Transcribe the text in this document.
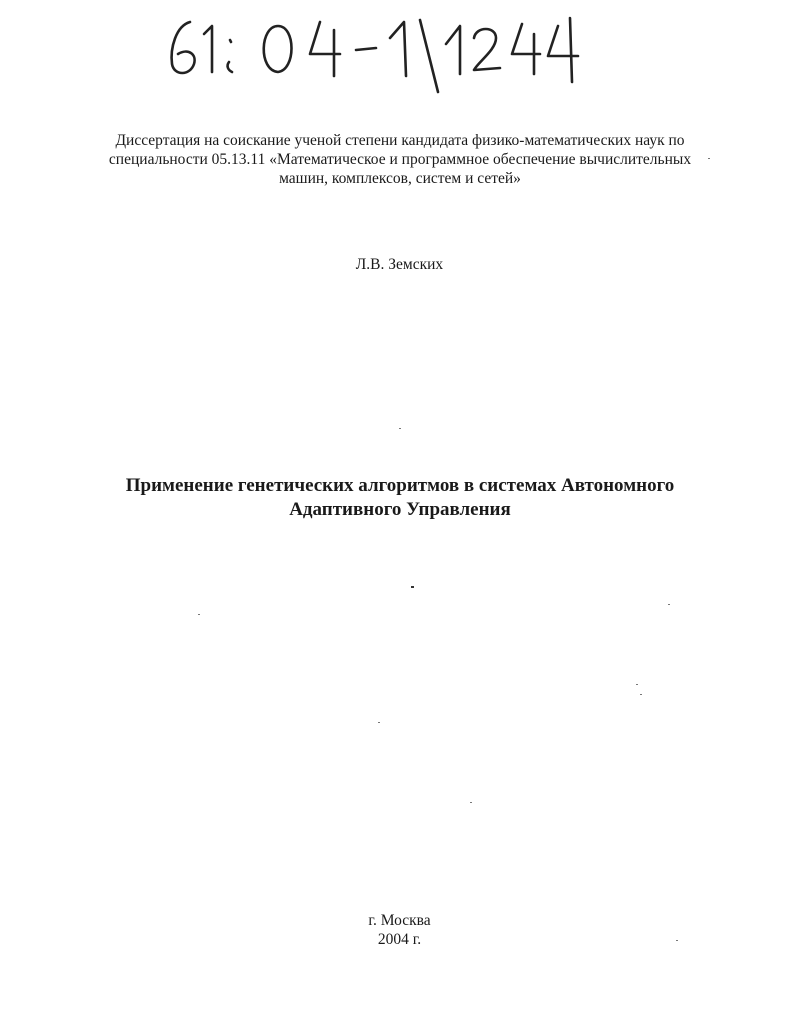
Диссертация на соискание ученой степени кандидата физико-математических наук по
специальности 05.13.11 «Математическое и программное обеспечение вычислительных
машин, комплексов, систем и сетей»
Л.В. Земских
Применение генетических алгоритмов в системах Автономного
Адаптивного Управления
г. Москва
2004 г.
